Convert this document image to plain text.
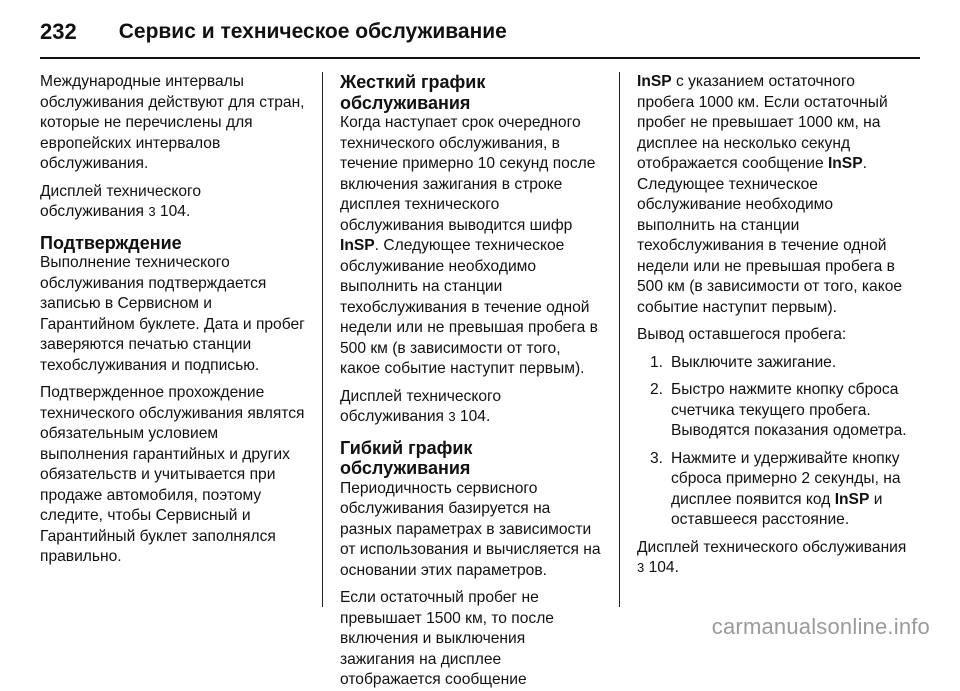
232 Сервис и техническое обслуживание

Международные интервалы обслуживания действуют для стран, которые не перечислены для европейских интервалов обслуживания.

Дисплей технического обслуживания 3 104.

Подтверждение

Выполнение технического обслуживания подтверждается записью в Сервисном и Гарантийном буклете. Дата и пробег заверяются печатью станции техобслуживания и подписью.

Подтвержденное прохождение технического обслуживания являтся обязательным условием выполнения гарантийных и других обязательств и учитывается при продаже автомобиля, поэтому следите, чтобы Сервисный и Гарантийный буклет заполнялся правильно.

Жесткий график обслуживания

Когда наступает срок очередного технического обслуживания, в течение примерно 10 секунд после включения зажигания в строке дисплея технического обслуживания выводится шифр InSP. Следующее техническое обслуживание необходимо выполнить на станции техобслуживания в течение одной недели или не превышая пробега в 500 км (в зависимости от того, какое событие наступит первым).

Дисплей технического обслуживания 3 104.

Гибкий график обслуживания

Периодичность сервисного обслуживания базируется на разных параметрах в зависимости от использования и вычисляется на основании этих параметров.

Если остаточный пробег не превышает 1500 км, то после включения и выключения зажигания на дисплее отображается сообщение

InSP с указанием остаточного пробега 1000 км. Если остаточный пробег не превышает 1000 км, на дисплее на несколько секунд отображается сообщение InSP. Следующее техническое обслуживание необходимо выполнить на станции техобслуживания в течение одной недели или не превышая пробега в 500 км (в зависимости от того, какое событие наступит первым).

Вывод оставшегося пробега:

1. Выключите зажигание.
2. Быстро нажмите кнопку сброса счетчика текущего пробега. Выводятся показания одометра.
3. Нажмите и удерживайте кнопку сброса примерно 2 секунды, на дисплее появится код InSP и оставшееся расстояние.

Дисплей технического обслуживания 3 104.

carmanualsonline.info
